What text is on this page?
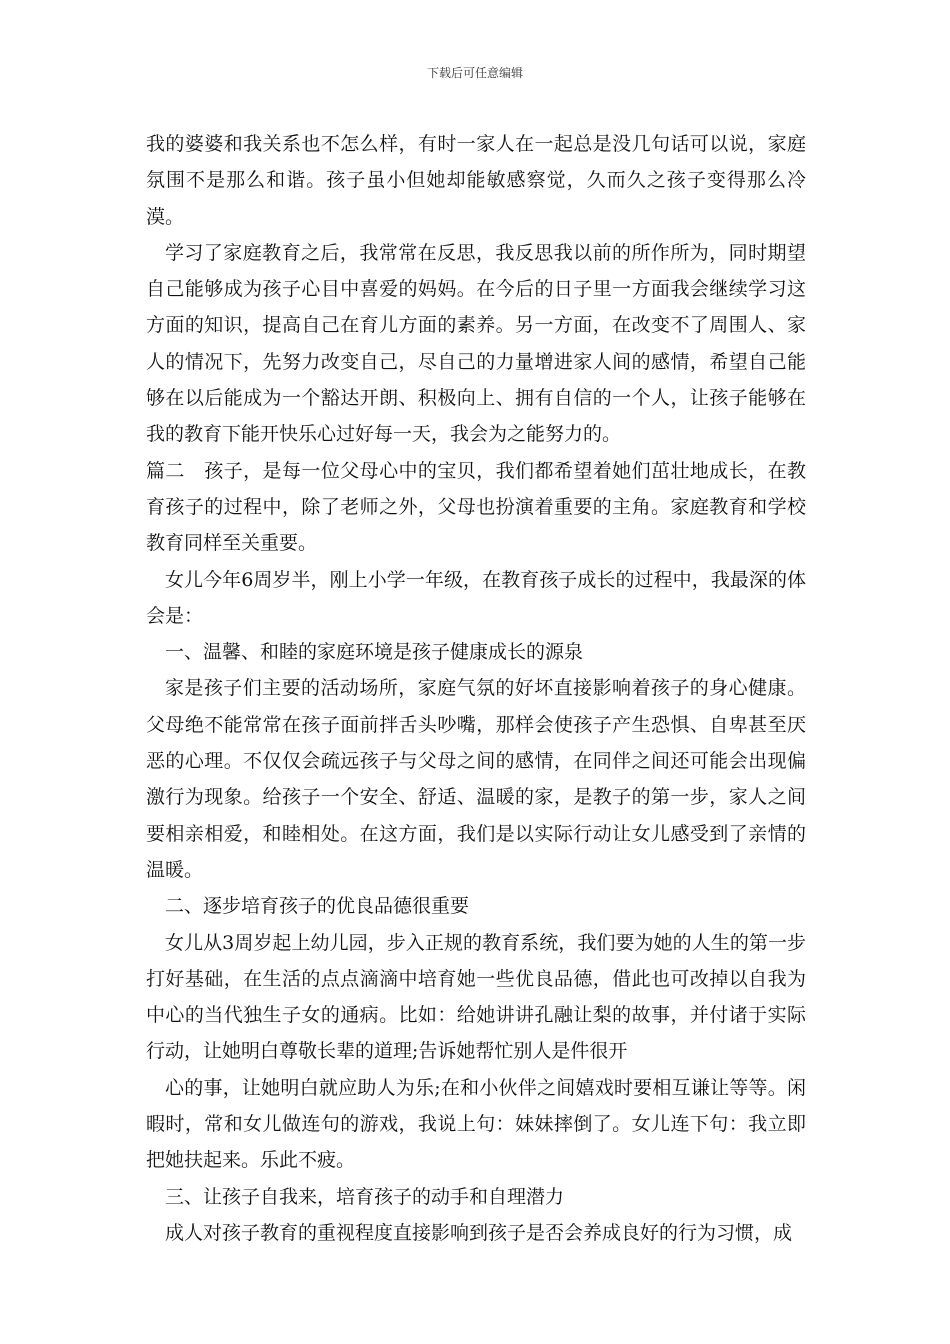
下载后可任意编辑

我的婆婆和我关系也不怎么样，有时一家人在一起总是没几句话可以说，家庭氛围不是那么和谐。孩子虽小但她却能敏感察觉，久而久之孩子变得那么冷漠。

学习了家庭教育之后，我常常在反思，我反思我以前的所作所为，同时期望自己能够成为孩子心目中喜爱的妈妈。在今后的日子里一方面我会继续学习这方面的知识，提高自己在育儿方面的素养。另一方面，在改变不了周围人、家人的情况下，先努力改变自己，尽自己的力量增进家人间的感情，希望自己能够在以后能成为一个豁达开朗、积极向上、拥有自信的一个人，让孩子能够在我的教育下能开快乐心过好每一天，我会为之能努力的。

篇二　孩子，是每一位父母心中的宝贝，我们都希望着她们茁壮地成长，在教育孩子的过程中，除了老师之外，父母也扮演着重要的主角。家庭教育和学校教育同样至关重要。

女儿今年6周岁半，刚上小学一年级，在教育孩子成长的过程中，我最深的体会是：

一、温馨、和睦的家庭环境是孩子健康成长的源泉

家是孩子们主要的活动场所，家庭气氛的好坏直接影响着孩子的身心健康。父母绝不能常常在孩子面前拌舌头吵嘴，那样会使孩子产生恐惧、自卑甚至厌恶的心理。不仅仅会疏远孩子与父母之间的感情，在同伴之间还可能会出现偏激行为现象。给孩子一个安全、舒适、温暖的家，是教子的第一步，家人之间要相亲相爱，和睦相处。在这方面，我们是以实际行动让女儿感受到了亲情的温暖。

二、逐步培育孩子的优良品德很重要

女儿从3周岁起上幼儿园，步入正规的教育系统，我们要为她的人生的第一步打好基础，在生活的点点滴滴中培育她一些优良品德，借此也可改掉以自我为中心的当代独生子女的通病。比如：给她讲讲孔融让梨的故事，并付诸于实际行动，让她明白尊敬长辈的道理;告诉她帮忙别人是件很开

心的事，让她明白就应助人为乐;在和小伙伴之间嬉戏时要相互谦让等等。闲暇时，常和女儿做连句的游戏，我说上句：妹妹摔倒了。女儿连下句：我立即把她扶起来。乐此不疲。

三、让孩子自我来，培育孩子的动手和自理潜力

成人对孩子教育的重视程度直接影响到孩子是否会养成良好的行为习惯，成
